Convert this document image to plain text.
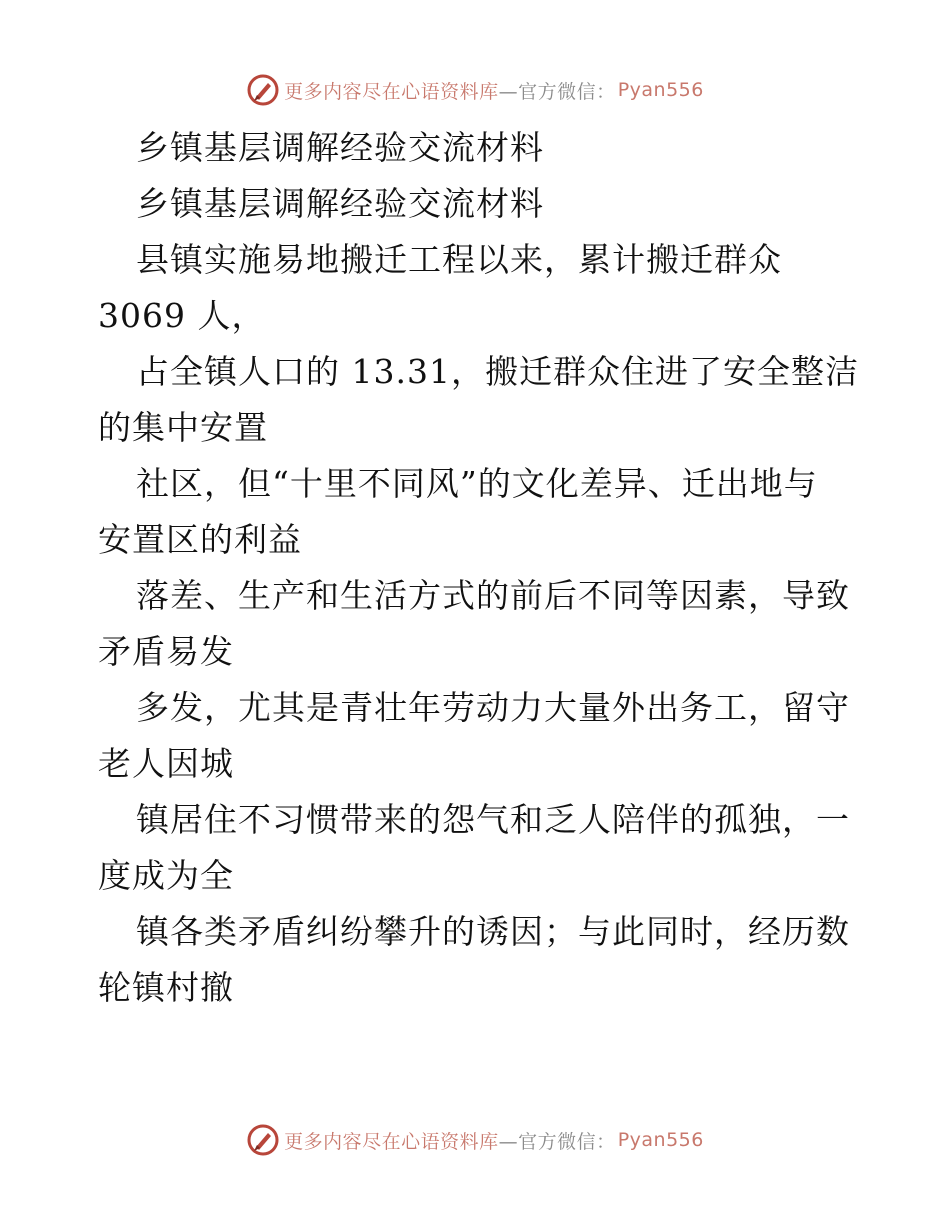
更多内容尽在心语资料库 —官方微信： Pyan556
乡镇基层调解经验交流材料
乡镇基层调解经验交流材料
县镇实施易地搬迁工程以来，累计搬迁群众
3069 人，
占全镇人口的 13.31，搬迁群众住进了安全整洁
的集中安置
社区，但“十里不同风”的文化差异、迁出地与
安置区的利益
落差、生产和生活方式的前后不同等因素，导致
矛盾易发
多发，尤其是青壮年劳动力大量外出务工，留守
老人因城
镇居住不习惯带来的怨气和乏人陪伴的孤独，一
度成为全
镇各类矛盾纠纷攀升的诱因；与此同时，经历数
轮镇村撤
更多内容尽在心语资料库 —官方微信： Pyan556
